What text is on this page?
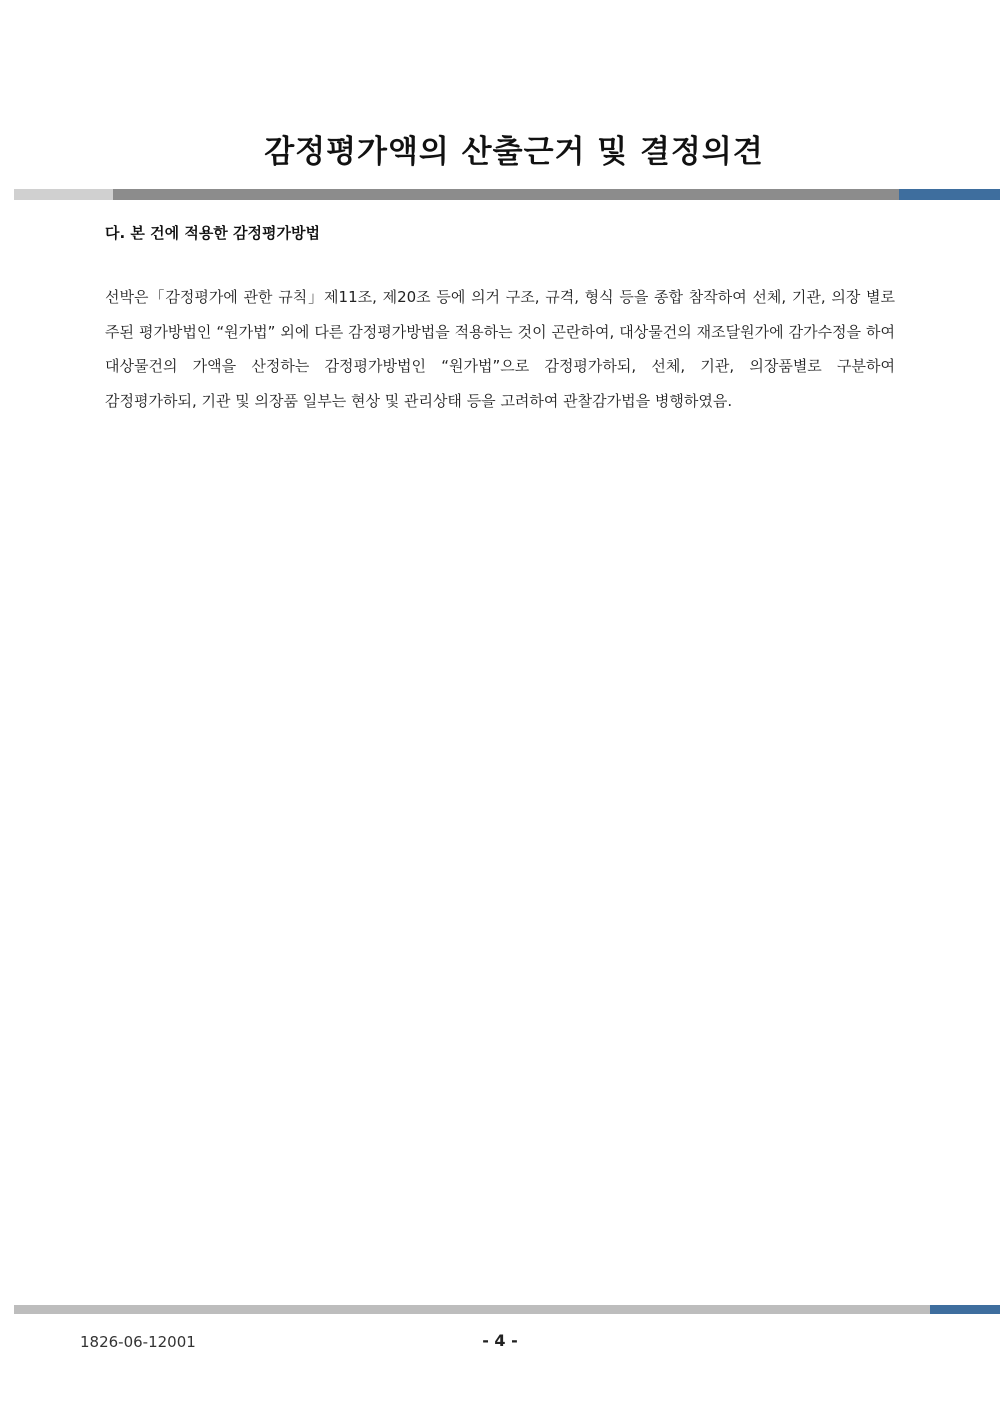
감정평가액의 산출근거 및 결정의견
다. 본 건에 적용한 감정평가방법
선박은「감정평가에 관한 규칙」제11조, 제20조 등에 의거 구조, 규격, 형식 등을 종합 참작하여 선체, 기관, 의장 별로 주된 평가방법인 “원가법” 외에 다른 감정평가방법을 적용하는 것이 곤란하여, 대상물건의 재조달원가에 감가수정을 하여 대상물건의 가액을 산정하는 감정평가방법인 “원가법”으로 감정평가하되, 선체, 기관, 의장품별로 구분하여 감정평가하되, 기관 및 의장품 일부는 현상 및 관리상태 등을 고려하여 관찰감가법을 병행하였음.
1826-06-12001	- 4 -
